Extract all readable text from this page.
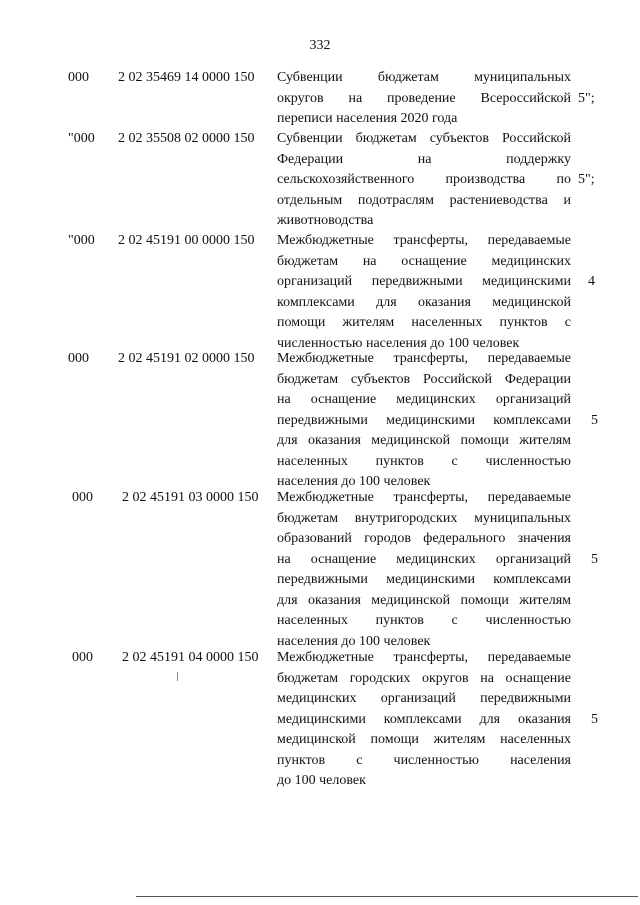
332
000 2 02 35469 14 0000 150 Субвенции бюджетам муниципальных
округов на проведение Всероссийской
переписи населения 2020 года
5";
"000 2 02 35508 02 0000 150 Субвенции бюджетам субъектов Российской
Федерации на поддержку
сельскохозяйственного производства по
отдельным подотраслям растениеводства и
животноводства
5";
"000 2 02 45191 00 0000 150 Межбюджетные трансферты, передаваемые
бюджетам на оснащение медицинских
организаций передвижными медицинскими
комплексами для оказания медицинской
помощи жителям населенных пунктов с
численностью населения до 100 человек
4
000 2 02 45191 02 0000 150 Межбюджетные трансферты, передаваемые
бюджетам субъектов Российской Федерации
на оснащение медицинских организаций
передвижными медицинскими комплексами
для оказания медицинской помощи жителям
населенных пунктов с численностью
населения до 100 человек
5
000 2 02 45191 03 0000 150 Межбюджетные трансферты, передаваемые
бюджетам внутригородских муниципальных
образований городов федерального значения
на оснащение медицинских организаций
передвижными медицинскими комплексами
для оказания медицинской помощи жителям
населенных пунктов с численностью
населения до 100 человек
5
000 2 02 45191 04 0000 150 Межбюджетные трансферты, передаваемые
бюджетам городских округов на оснащение
медицинских организаций передвижными
медицинскими комплексами для оказания
медицинской помощи жителям населенных
пунктов с численностью населения
до 100 человек
5
